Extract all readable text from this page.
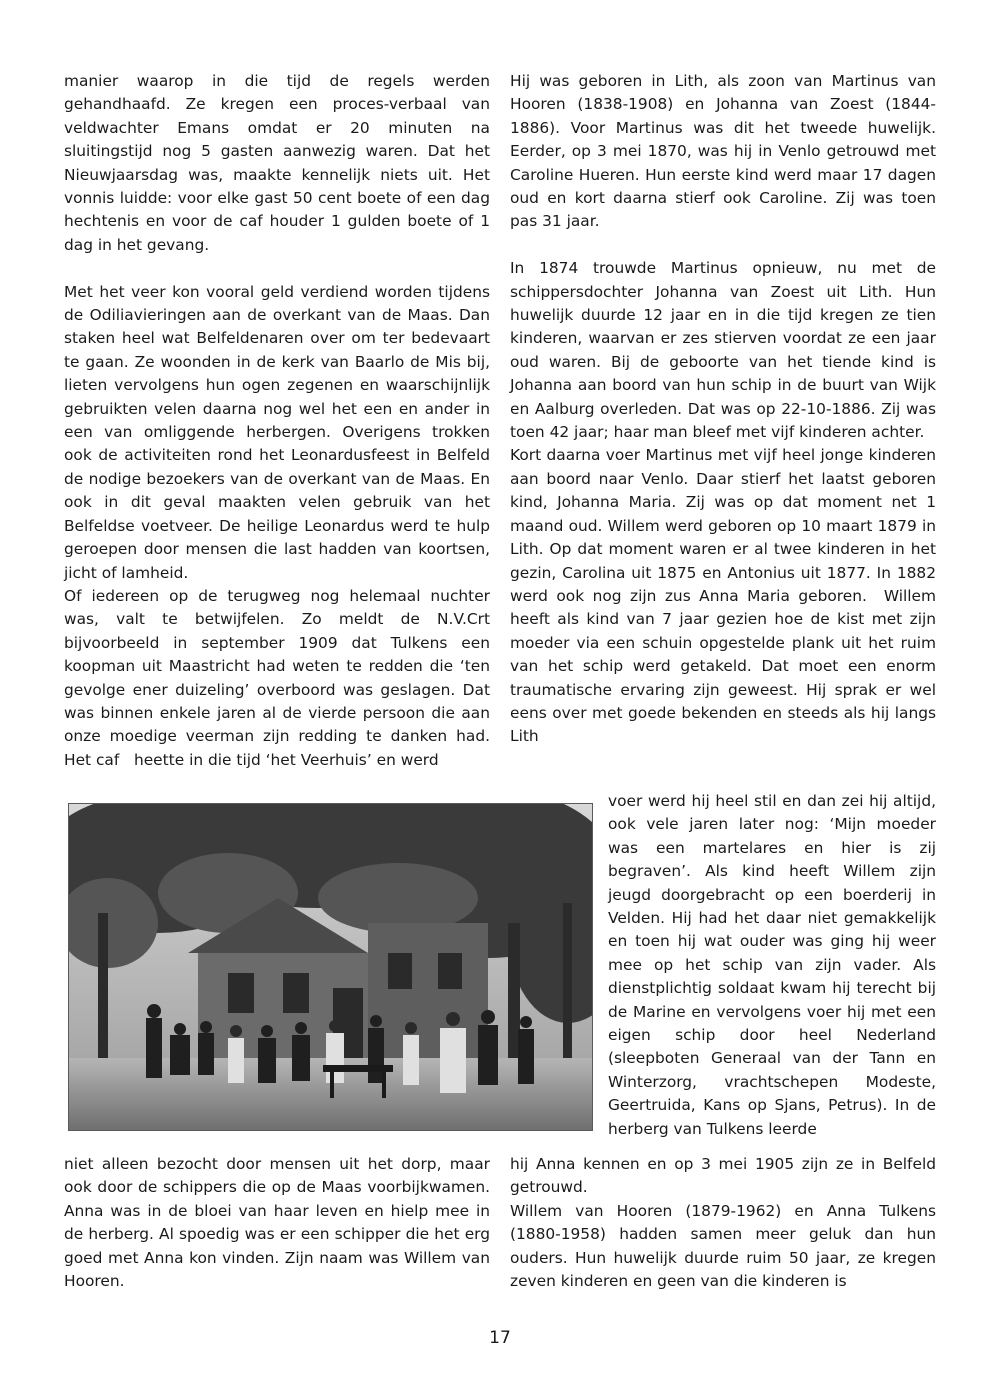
manier waarop in die tijd de regels werden gehandhaafd. Ze kregen een proces-verbaal van veldwachter Emans omdat er 20 minuten na sluitingstijd nog 5 gasten aanwezig waren. Dat het Nieuwjaarsdag was, maakte kennelijk niets uit. Het vonnis luidde: voor elke gast 50 cent boete of een dag hechtenis en voor de caf houder 1 gulden boete of 1 dag in het gevang.

Met het veer kon vooral geld verdiend worden tijdens de Odiliavieringen aan de overkant van de Maas. Dan staken heel wat Belfeldenaren over om ter bedevaart te gaan. Ze woonden in de kerk van Baarlo de Mis bij, lieten vervolgens hun ogen zegenen en waarschijnlijk gebruikten velen daarna nog wel het een en ander in een van omliggende herbergen. Overigens trokken ook de activiteiten rond het Leonardusfeest in Belfeld de nodige bezoekers van de overkant van de Maas. En ook in dit geval maakten velen gebruik van het Belfeldse voetveer. De heilige Leonardus werd te hulp geroepen door mensen die last hadden van koortsen, jicht of lamheid.

Of iedereen op de terugweg nog helemaal nuchter was, valt te betwijfelen. Zo meldt de N.V.Crt bijvoorbeeld in september 1909 dat Tulkens een koopman uit Maastricht had weten te redden die ‘ten gevolge ener duizeling’ overboord was geslagen. Dat was binnen enkele jaren al de vierde persoon die aan onze moedige veerman zijn redding te danken had. Het caf   heette in die tijd ‘het Veerhuis’ en werd

niet alleen bezocht door mensen uit het dorp, maar ook door de schippers die op de Maas voorbijkwamen. Anna was in de bloei van haar leven en hielp mee in de herberg. Al spoedig was er een schipper die het erg goed met Anna kon vinden. Zijn naam was Willem van Hooren.

Hij was geboren in Lith, als zoon van Martinus van Hooren (1838-1908) en Johanna van Zoest (1844-1886). Voor Martinus was dit het tweede huwelijk. Eerder, op 3 mei 1870, was hij in Venlo getrouwd met Caroline Hueren. Hun eerste kind werd maar 17 dagen oud en kort daarna stierf ook Caroline. Zij was toen pas 31 jaar.

In 1874 trouwde Martinus opnieuw, nu met de schippersdochter Johanna van Zoest uit Lith. Hun huwelijk duurde 12 jaar en in die tijd kregen ze tien kinderen, waarvan er zes stierven voordat ze een jaar oud waren. Bij de geboorte van het tiende kind is Johanna aan boord van hun schip in de buurt van Wijk en Aalburg overleden. Dat was op 22-10-1886. Zij was toen 42 jaar; haar man bleef met vijf kinderen achter.

Kort daarna voer Martinus met vijf heel jonge kinderen aan boord naar Venlo. Daar stierf het laatst geboren kind, Johanna Maria. Zij was op dat moment net 1 maand oud. Willem werd geboren op 10 maart 1879 in Lith. Op dat moment waren er al twee kinderen in het gezin, Carolina uit 1875 en Antonius uit 1877. In 1882 werd ook nog zijn zus Anna Maria geboren.  Willem heeft als kind van 7 jaar gezien hoe de kist met zijn moeder via een schuin opgestelde plank uit het ruim van het schip werd getakeld. Dat moet een enorm traumatische ervaring zijn geweest. Hij sprak er wel eens over met goede bekenden en steeds als hij langs Lith

voer werd hij heel stil en dan zei hij altijd, ook vele jaren later nog: ‘Mijn moeder was een martelares en hier is zij begraven’. Als kind heeft Willem zijn jeugd doorgebracht op een boerderij in Velden. Hij had het daar niet gemakkelijk en toen hij wat ouder was ging hij weer mee op het schip van zijn vader. Als dienstplichtig soldaat kwam hij terecht bij de Marine en vervolgens voer hij met een eigen schip door heel Nederland (sleepboten Generaal van der Tann en Winterzorg, vrachtschepen Modeste, Geertruida, Kans op Sjans, Petrus). In de herberg van Tulkens leerde

hij Anna kennen en op 3 mei 1905 zijn ze in Belfeld getrouwd.

Willem van Hooren (1879-1962) en Anna Tulkens (1880-1958) hadden samen meer geluk dan hun ouders. Hun huwelijk duurde ruim 50 jaar, ze kregen zeven kinderen en geen van die kinderen is

17
